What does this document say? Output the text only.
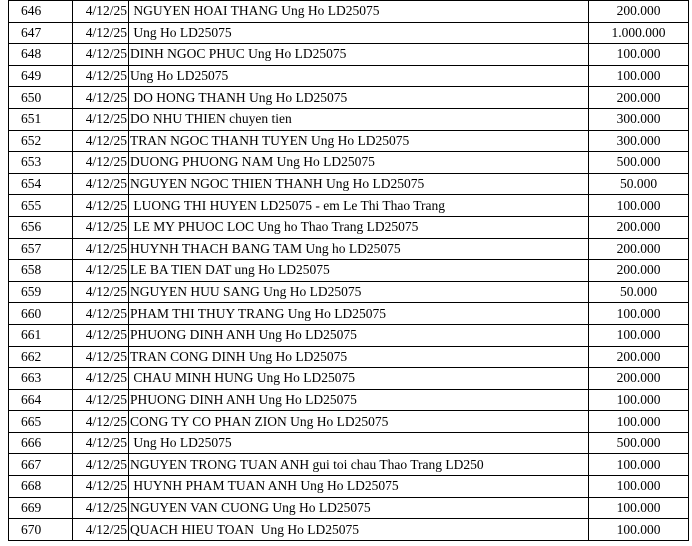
646	4/12/25	NGUYEN HOAI THANG Ung Ho LD25075	200.000
647	4/12/25	Ung Ho LD25075	1.000.000
648	4/12/25	DINH NGOC PHUC Ung Ho LD25075	100.000
649	4/12/25	Ung Ho LD25075	100.000
650	4/12/25	DO HONG THANH Ung Ho LD25075	200.000
651	4/12/25	DO NHU THIEN chuyen tien	300.000
652	4/12/25	TRAN NGOC THANH TUYEN Ung Ho LD25075	300.000
653	4/12/25	DUONG PHUONG NAM Ung Ho LD25075	500.000
654	4/12/25	NGUYEN NGOC THIEN THANH Ung Ho LD25075	50.000
655	4/12/25	LUONG THI HUYEN LD25075 - em Le Thi Thao Trang	100.000
656	4/12/25	LE MY PHUOC LOC Ung ho Thao Trang LD25075	200.000
657	4/12/25	HUYNH THACH BANG TAM Ung ho LD25075	200.000
658	4/12/25	LE BA TIEN DAT ung Ho LD25075	200.000
659	4/12/25	NGUYEN HUU SANG Ung Ho LD25075	50.000
660	4/12/25	PHAM THI THUY TRANG Ung Ho LD25075	100.000
661	4/12/25	PHUONG DINH ANH Ung Ho LD25075	100.000
662	4/12/25	TRAN CONG DINH Ung Ho LD25075	200.000
663	4/12/25	CHAU MINH HUNG Ung Ho LD25075	200.000
664	4/12/25	PHUONG DINH ANH Ung Ho LD25075	100.000
665	4/12/25	CONG TY CO PHAN ZION Ung Ho LD25075	100.000
666	4/12/25	Ung Ho LD25075	500.000
667	4/12/25	NGUYEN TRONG TUAN ANH gui toi chau Thao Trang LD250	100.000
668	4/12/25	HUYNH PHAM TUAN ANH Ung Ho LD25075	100.000
669	4/12/25	NGUYEN VAN CUONG Ung Ho LD25075	100.000
670	4/12/25	QUACH HIEU TOAN  Ung Ho LD25075	100.000
